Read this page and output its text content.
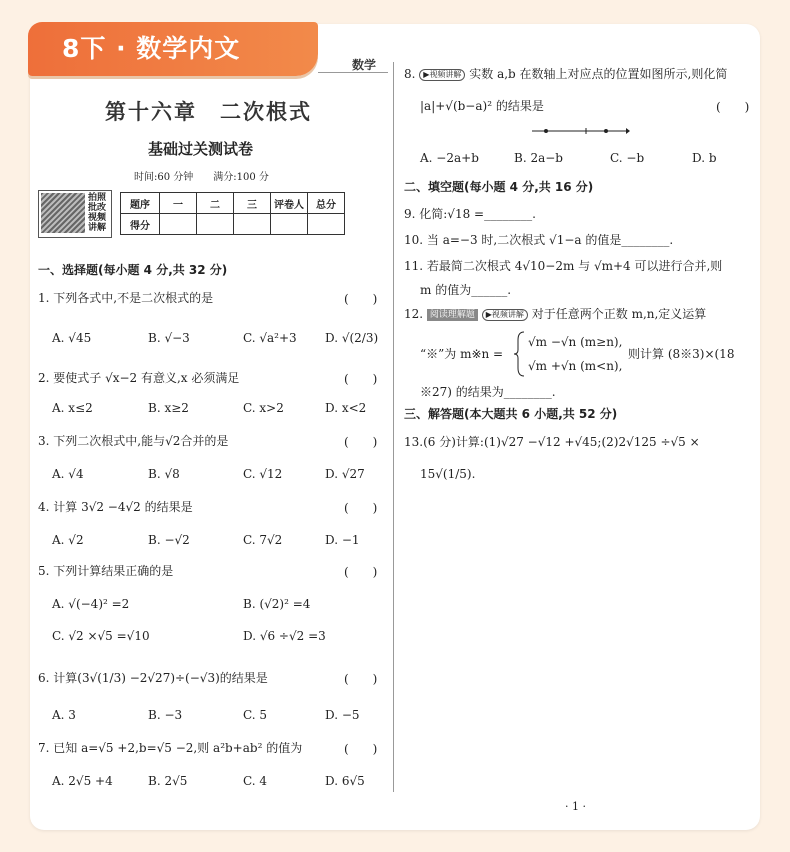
8下 · 数学内文
数学
第十六章　二次根式
基础过关测试卷
时间:60 分钟　　满分:100 分
拍照批改 视频讲解
题序	一	二	三	评卷人	总分
得分					
一、选择题(每小题 4 分,共 32 分)
1. 下列各式中,不是二次根式的是	(　　)
A. √45	B. √−3	C. √a²+3 D. √(2/3)
2. 要使式子 √x−2 有意义,x 必须满足	(　　)
A. x≤2	B. x≥2	C. x>2	D. x<2
3. 下列二次根式中,能与√2合并的是	(　　)
A. √4	B. √8	C. √12	D. √27
4. 计算 3√2 −4√2 的结果是	(　　)
A. √2	B. −√2	C. 7√2	D. −1
5. 下列计算结果正确的是	(　　)
A. √(−4)² =2	B. (√2)² =4
C. √2 ×√5 =√10	D. √6 ÷√2 =3
6. 计算(3√(1/3) −2√27)÷(−√3)的结果是	(　　)
A. 3	B. −3	C. 5	D. −5
7. 已知 a=√5 +2,b=√5 −2,则 a²b+ab² 的值为	(　　)
A. 2√5 +4	B. 2√5	C. 4	D. 6√5
8. ▶视频讲解 实数 a,b 在数轴上对应点的位置如图所示,则化简
|a|+√(b−a)² 的结果是	(　　)
A. −2a+b	B. 2a−b	C. −b	D. b
二、填空题(每小题 4 分,共 16 分)
9. 化简:√18 =________.
10. 当 a=−3 时,二次根式 √1−a 的值是________.
11. 若最简二次根式 4√10−2m 与 √m+4 可以进行合并,则
m 的值为______.
12. 阅读理解题 ▶视频讲解 对于任意两个正数 m,n,定义运算
“※”为 m※n =
√m −√n (m≥n),
√m +√n (m<n),
则计算 (8※3)×(18
※27) 的结果为________.
三、解答题(本大题共 6 小题,共 52 分)
13.(6 分)计算:(1)√27 −√12 +√45;(2)2√125 ÷√5 ×
15√(1/5).
· 1 ·
